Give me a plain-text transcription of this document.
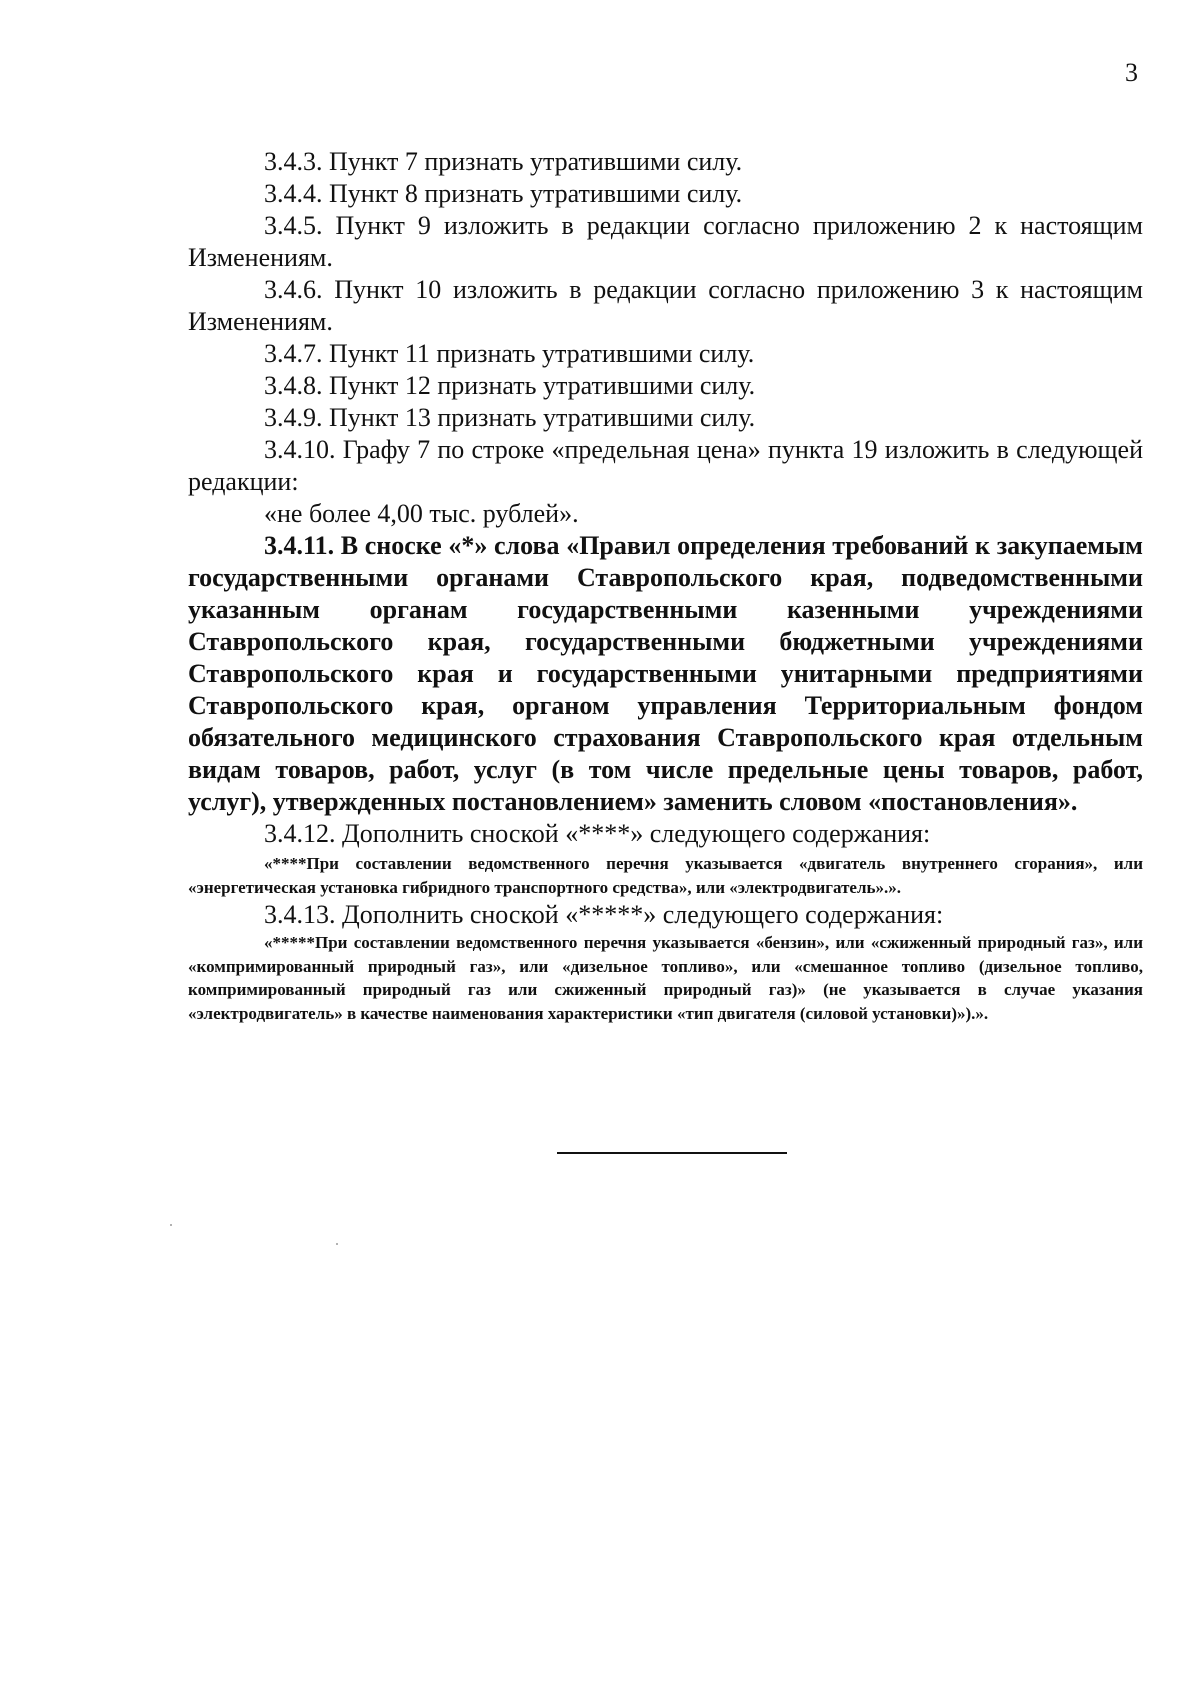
3

3.4.3. Пункт 7 признать утратившими силу.

3.4.4. Пункт 8 признать утратившими силу.

3.4.5. Пункт 9 изложить в редакции согласно приложению 2 к настоящим Изменениям.

3.4.6. Пункт 10 изложить в редакции согласно приложению 3 к настоящим Изменениям.

3.4.7. Пункт 11 признать утратившими силу.

3.4.8. Пункт 12 признать утратившими силу.

3.4.9. Пункт 13 признать утратившими силу.

3.4.10. Графу 7 по строке «предельная цена» пункта 19 изложить в следующей редакции:

«не более 4,00 тыс. рублей».

3.4.11. В сноске «*» слова «Правил определения требований к закупаемым государственными органами Ставропольского края, подведомственными указанным органам государственными казенными учреждениями Ставропольского края, государственными бюджетными учреждениями Ставропольского края и государственными унитарными предприятиями Ставропольского края, органом управления Территориальным фондом обязательного медицинского страхования Ставропольского края отдельным видам товаров, работ, услуг (в том числе предельные цены товаров, работ, услуг), утвержденных постановлением» заменить словом «постановления».

3.4.12. Дополнить сноской «****» следующего содержания:

«****При составлении ведомственного перечня указывается «двигатель внутреннего сгорания», или «энергетическая установка гибридного транспортного средства», или «электродвигатель».».

3.4.13. Дополнить сноской «*****» следующего содержания:

«*****При составлении ведомственного перечня указывается «бензин», или «сжиженный природный газ», или «компримированный природный газ», или «дизельное топливо», или «смешанное топливо (дизельное топливо, компримированный природный газ или сжиженный природный газ)» (не указывается в случае указания «электродвигатель» в качестве наименования характеристики «тип двигателя (силовой установки)»).».
